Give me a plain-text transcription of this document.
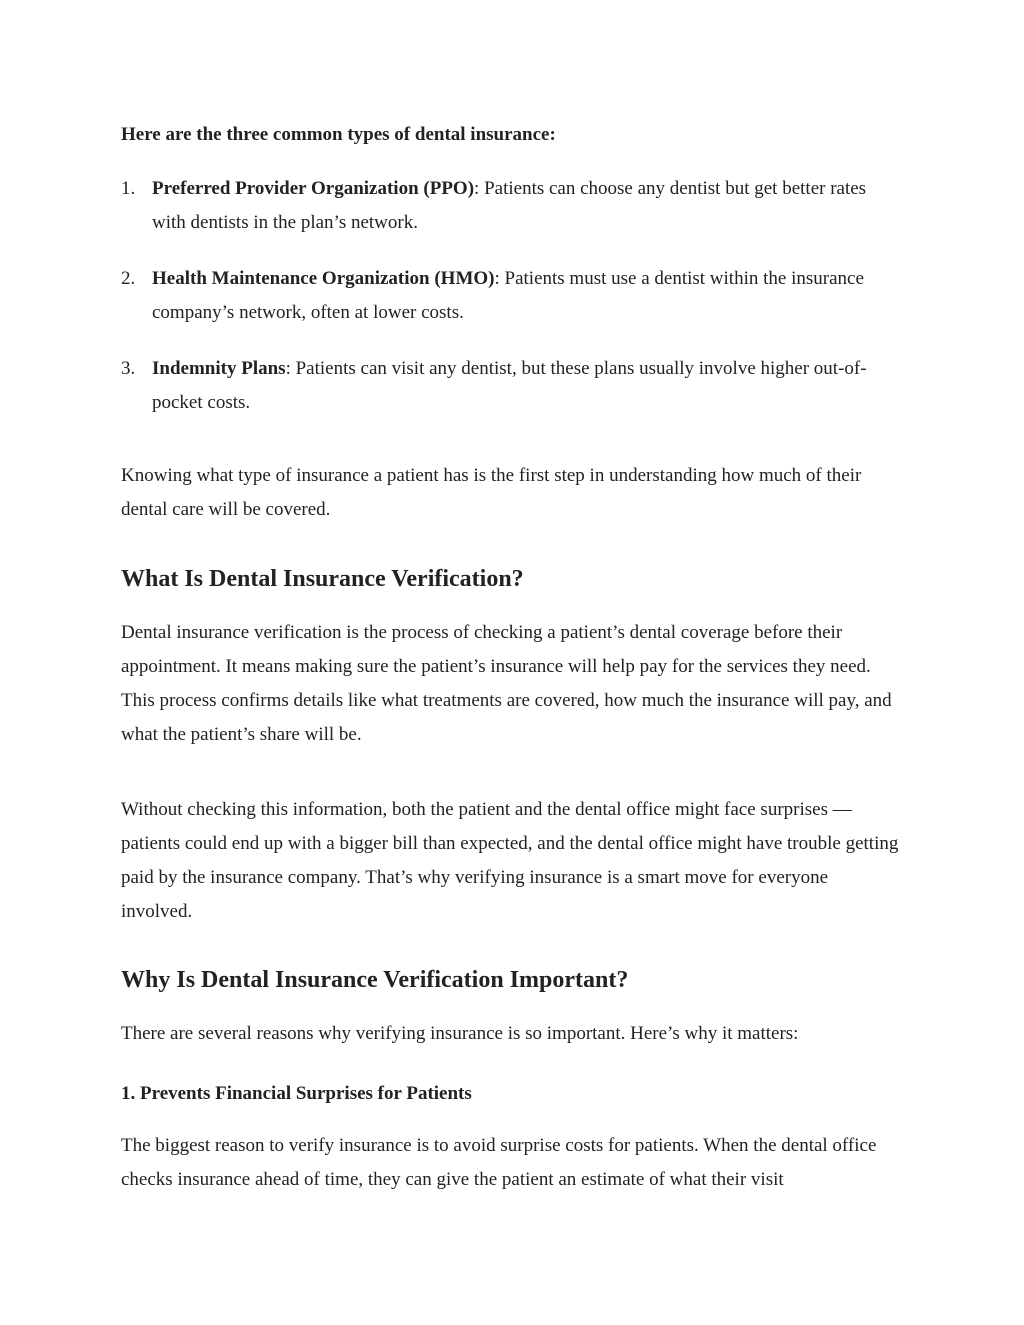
Here are the three common types of dental insurance:

1. Preferred Provider Organization (PPO): Patients can choose any dentist but get better rates with dentists in the plan’s network.
2. Health Maintenance Organization (HMO): Patients must use a dentist within the insurance company’s network, often at lower costs.
3. Indemnity Plans: Patients can visit any dentist, but these plans usually involve higher out-of-pocket costs.

Knowing what type of insurance a patient has is the first step in understanding how much of their dental care will be covered.

What Is Dental Insurance Verification?

Dental insurance verification is the process of checking a patient’s dental coverage before their appointment. It means making sure the patient’s insurance will help pay for the services they need. This process confirms details like what treatments are covered, how much the insurance will pay, and what the patient’s share will be.

Without checking this information, both the patient and the dental office might face surprises — patients could end up with a bigger bill than expected, and the dental office might have trouble getting paid by the insurance company. That’s why verifying insurance is a smart move for everyone involved.

Why Is Dental Insurance Verification Important?

There are several reasons why verifying insurance is so important. Here’s why it matters:

1. Prevents Financial Surprises for Patients

The biggest reason to verify insurance is to avoid surprise costs for patients. When the dental office checks insurance ahead of time, they can give the patient an estimate of what their visit
